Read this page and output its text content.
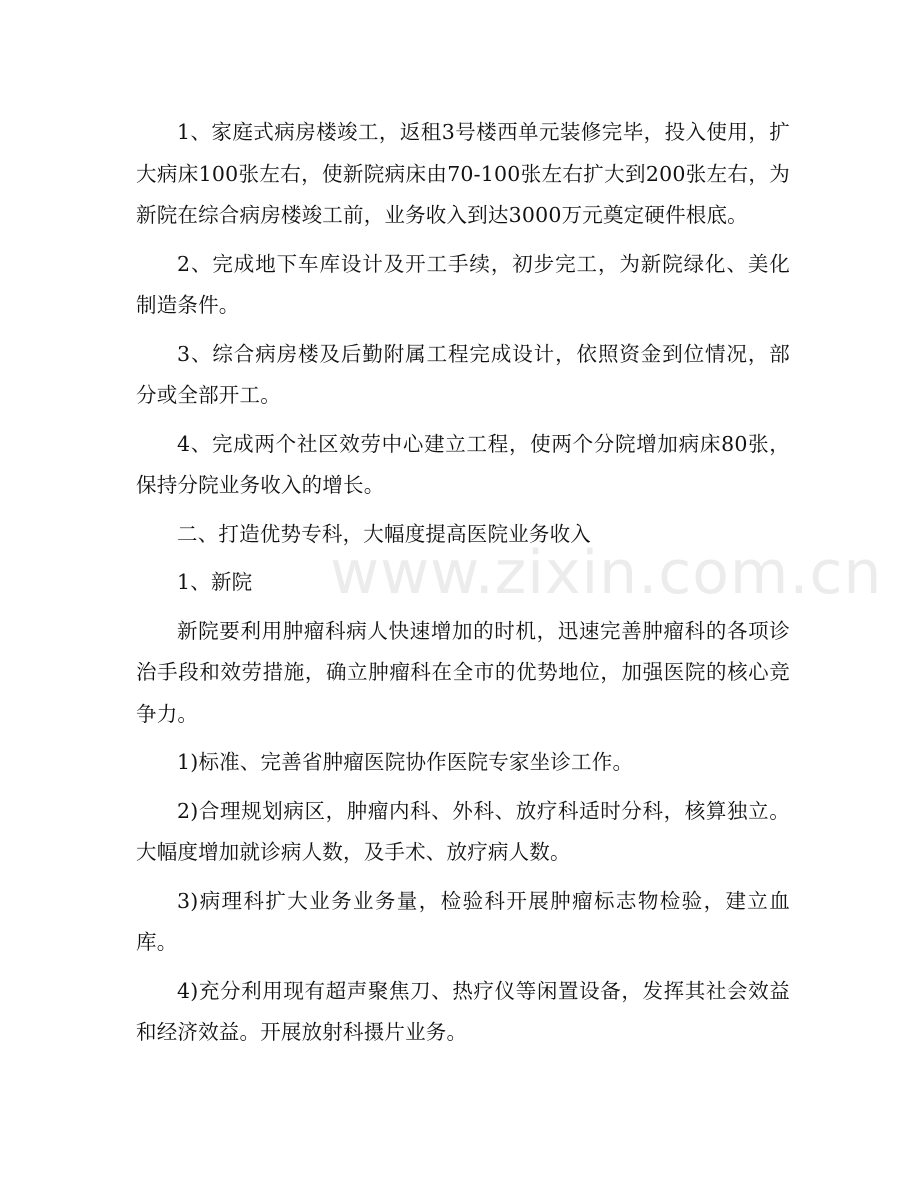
1、家庭式病房楼竣工，返租3号楼西单元装修完毕，投入使用，扩大病床100张左右，使新院病床由70-100张左右扩大到200张左右，为新院在综合病房楼竣工前，业务收入到达3000万元奠定硬件根底。

2、完成地下车库设计及开工手续，初步完工，为新院绿化、美化制造条件。

3、综合病房楼及后勤附属工程完成设计，依照资金到位情况，部分或全部开工。

4、完成两个社区效劳中心建立工程，使两个分院增加病床80张，保持分院业务收入的增长。

二、打造优势专科，大幅度提高医院业务收入

1、新院

新院要利用肿瘤科病人快速增加的时机，迅速完善肿瘤科的各项诊治手段和效劳措施，确立肿瘤科在全市的优势地位，加强医院的核心竞争力。

1)标准、完善省肿瘤医院协作医院专家坐诊工作。

2)合理规划病区，肿瘤内科、外科、放疗科适时分科，核算独立。大幅度增加就诊病人数，及手术、放疗病人数。

3)病理科扩大业务业务量，检验科开展肿瘤标志物检验，建立血库。

4)充分利用现有超声聚焦刀、热疗仪等闲置设备，发挥其社会效益和经济效益。开展放射科摄片业务。

www.zixin.com.cn
